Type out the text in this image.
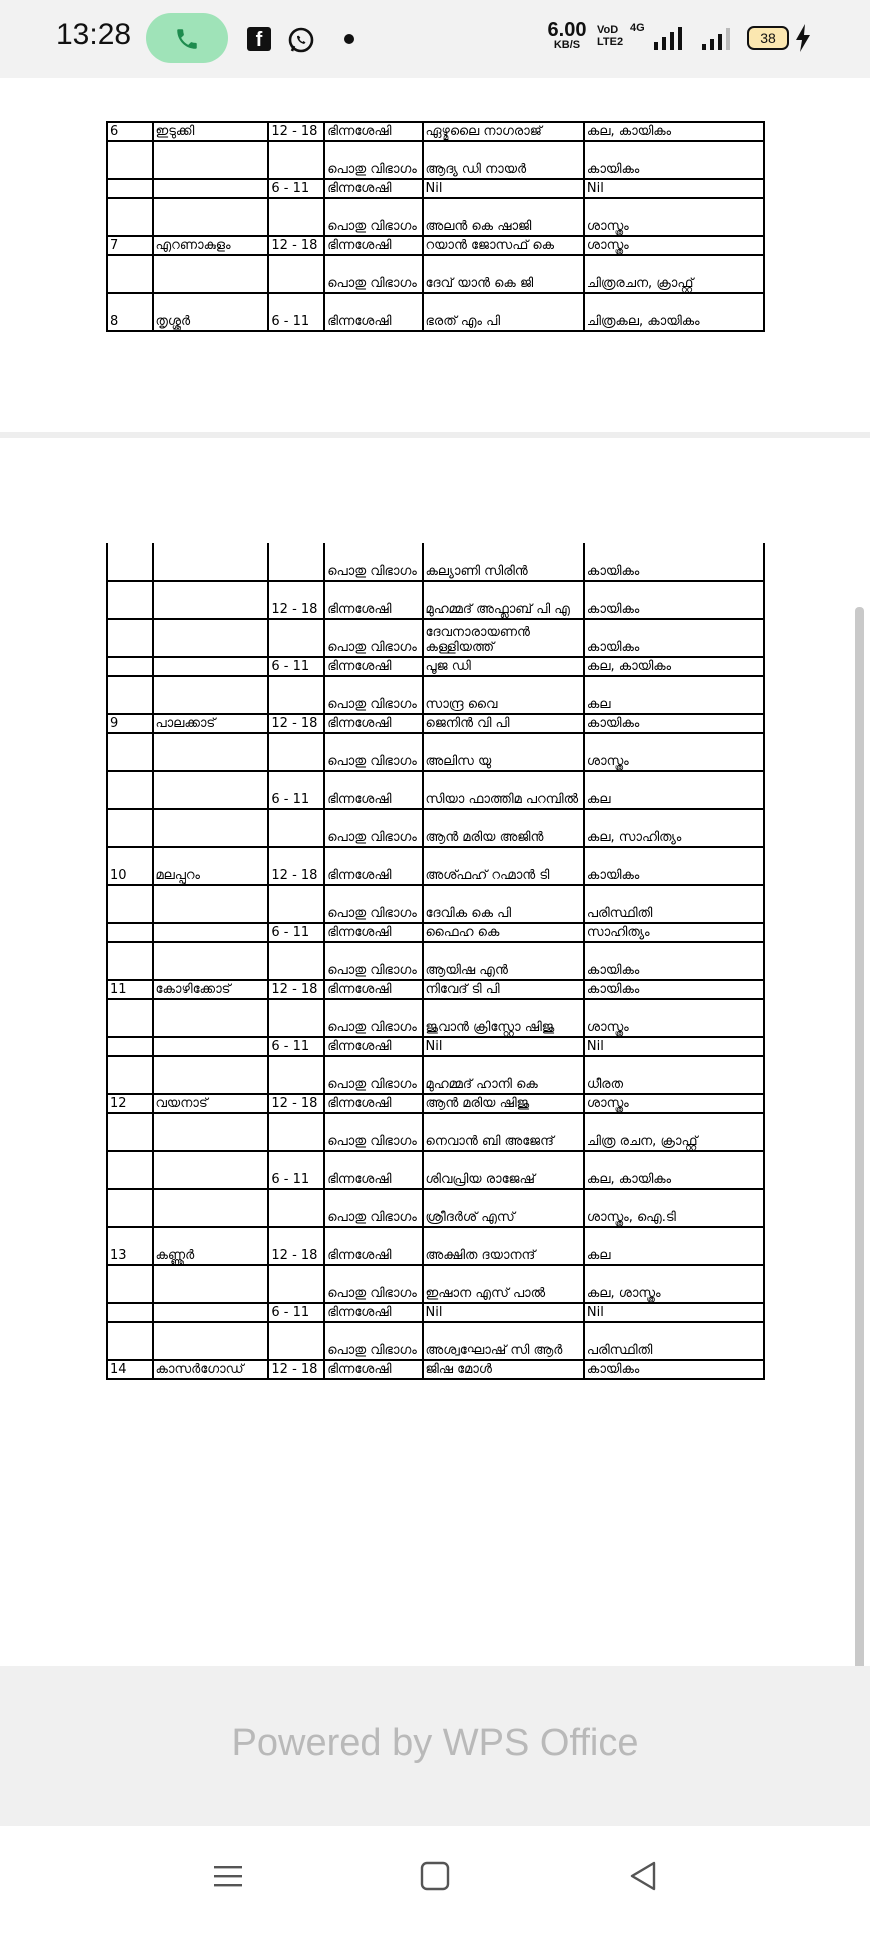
13:28	f	6.00
KB/S
VoD
LTE2
4G
38
6	ഇടുക്കി	12 - 18	ഭിന്നശേഷി	ഏഴ്മലൈ നാഗരാജ്	കല, കായികം
			പൊതു വിഭാഗം	ആദ്യ ഡി നായർ	കായികം
		6 - 11	ഭിന്നശേഷി	Nil	Nil
			പൊതു വിഭാഗം	അലൻ കെ ഷാജി	ശാസ്ത്രം
7	എറണാകുളം	12 - 18	ഭിന്നശേഷി	റയാൻ ജോസഫ് കെ	ശാസ്ത്രം
			പൊതു വിഭാഗം	ദേവ് യാൻ കെ ജി	ചിത്രരചന, ക്രാഫ്റ്റ്
8	തൃശ്ശൂർ	6 - 11	ഭിന്നശേഷി	ഭരത് എം പി	ചിത്രകല, കായികം
			പൊതു വിഭാഗം	കല്യാണി സിരിൻ	കായികം
		12 - 18	ഭിന്നശേഷി	മുഹമ്മദ് അഫ്ലാബ് പി എ	കായികം
			പൊതു വിഭാഗം	ദേവനാരായണൻ കള്ളിയത്ത്	കായികം
		6 - 11	ഭിന്നശേഷി	പൂജ ഡി	കല, കായികം
			പൊതു വിഭാഗം	സാന്ദ്ര വൈ	കല
9	പാലക്കാട്	12 - 18	ഭിന്നശേഷി	ജെനിൻ വി പി	കായികം
			പൊതു വിഭാഗം	അലിസ യു	ശാസ്ത്രം
		6 - 11	ഭിന്നശേഷി	സിയാ ഫാത്തിമ പറമ്പിൽ	കല
			പൊതു വിഭാഗം	ആൻ മരിയ അജിൻ	കല, സാഹിത്യം
10	മലപ്പുറം	12 - 18	ഭിന്നശേഷി	അശ്ഫഹ് റഹ്മാൻ ടി	കായികം
			പൊതു വിഭാഗം	ദേവിക കെ പി	പരിസ്ഥിതി
		6 - 11	ഭിന്നശേഷി	ഫൈഹ കെ	സാഹിത്യം
			പൊതു വിഭാഗം	ആയിഷ എൻ	കായികം
11	കോഴിക്കോട്	12 - 18	ഭിന്നശേഷി	നിവേദ് ടി പി	കായികം
			പൊതു വിഭാഗം	ജുവാൻ ക്രിസ്റ്റോ ഷിജു	ശാസ്ത്രം
		6 - 11	ഭിന്നശേഷി	Nil	Nil
			പൊതു വിഭാഗം	മുഹമ്മദ് ഹാനി കെ	ധീരത
12	വയനാട്	12 - 18	ഭിന്നശേഷി	ആൻ മരിയ ഷിജു	ശാസ്ത്രം
			പൊതു വിഭാഗം	നെവാൻ ബി അജേന്ദ്	ചിത്ര രചന, ക്രാഫ്റ്റ്
		6 - 11	ഭിന്നശേഷി	ശിവപ്രിയ രാജേഷ്	കല, കായികം
			പൊതു വിഭാഗം	ശ്രീദർശ് എസ്	ശാസ്ത്രം, ഐ.ടി
13	കണ്ണൂർ	12 - 18	ഭിന്നശേഷി	അക്ഷിത ദയാനന്ദ്	കല
			പൊതു വിഭാഗം	ഇഷാന എസ് പാൽ	കല, ശാസ്ത്രം
		6 - 11	ഭിന്നശേഷി	Nil	Nil
			പൊതു വിഭാഗം	അശ്വഘോഷ് സി ആർ	പരിസ്ഥിതി
14	കാസർഗോഡ്	12 - 18	ഭിന്നശേഷി	ജിഷ മോൾ	കായികം
Powered by WPS Office
